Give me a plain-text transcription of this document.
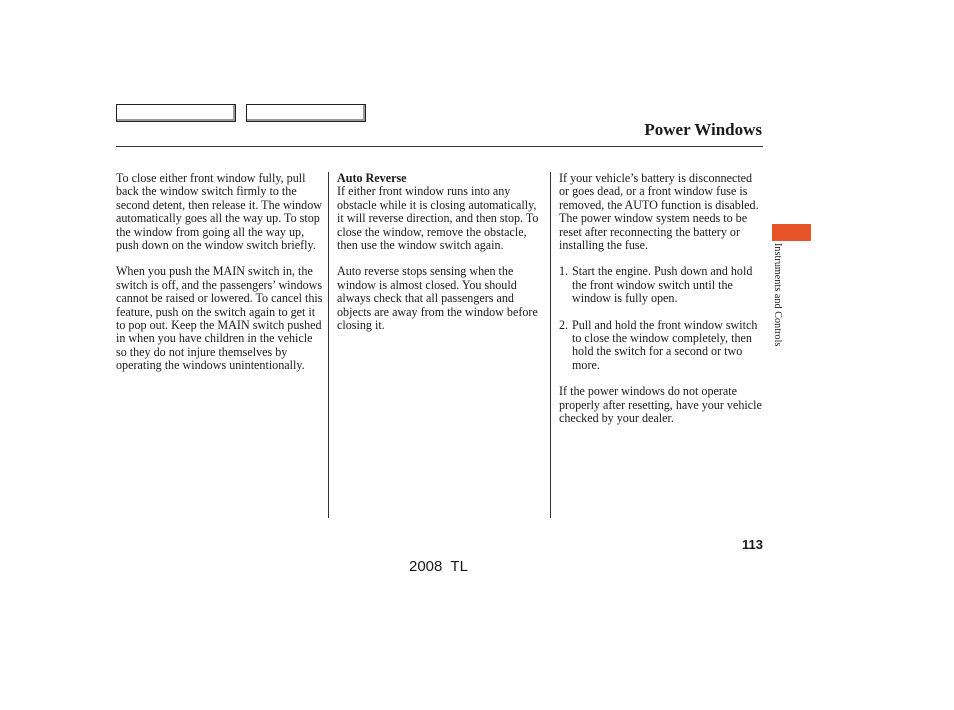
Power Windows

To close either front window fully, pull back the window switch firmly to the second detent, then release it. The window automatically goes all the way up. To stop the window from going all the way up, push down on the window switch briefly.

When you push the MAIN switch in, the switch is off, and the passengers’ windows cannot be raised or lowered. To cancel this feature, push on the switch again to get it to pop out. Keep the MAIN switch pushed in when you have children in the vehicle so they do not injure themselves by operating the windows unintentionally.

Auto Reverse
If either front window runs into any obstacle while it is closing automatically, it will reverse direction, and then stop. To close the window, remove the obstacle, then use the window switch again.

Auto reverse stops sensing when the window is almost closed. You should always check that all passengers and objects are away from the window before closing it.

If your vehicle’s battery is disconnected or goes dead, or a front window fuse is removed, the AUTO function is disabled. The power window system needs to be reset after reconnecting the battery or installing the fuse.

1. Start the engine. Push down and hold the front window switch until the window is fully open.

2. Pull and hold the front window switch to close the window completely, then hold the switch for a second or two more.

If the power windows do not operate properly after resetting, have your vehicle checked by your dealer.

Instruments and Controls
113
2008  TL
